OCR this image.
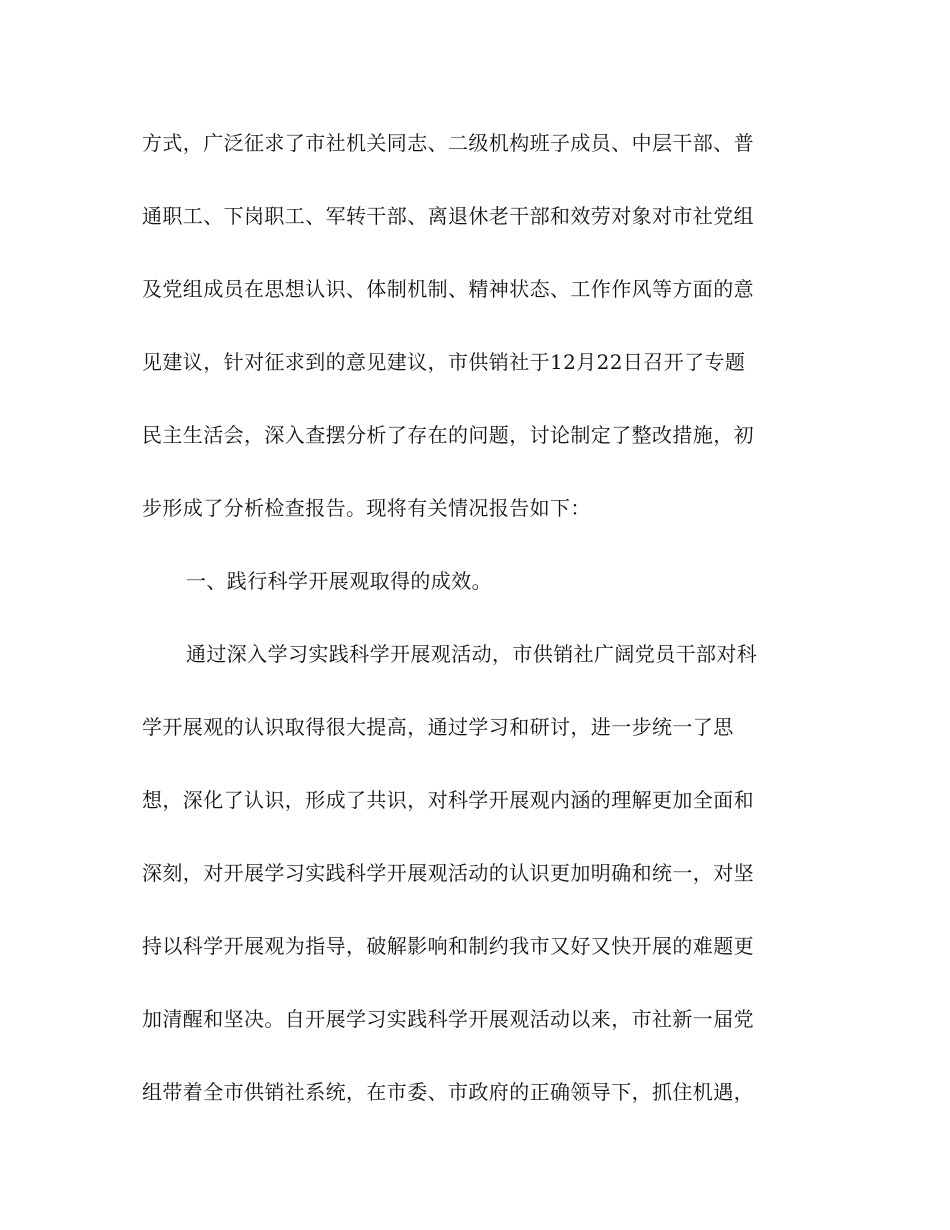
方式，广泛征求了市社机关同志、二级机构班子成员、中层干部、普
通职工、下岗职工、军转干部、离退休老干部和效劳对象对市社党组
及党组成员在思想认识、体制机制、精神状态、工作作风等方面的意
见建议，针对征求到的意见建议，市供销社于12月22日召开了专题
民主生活会，深入查摆分析了存在的问题，讨论制定了整改措施，初
步形成了分析检查报告。现将有关情况报告如下：
一、践行科学开展观取得的成效。
通过深入学习实践科学开展观活动，市供销社广阔党员干部对科
学开展观的认识取得很大提高，通过学习和研讨，进一步统一了思
想，深化了认识，形成了共识，对科学开展观内涵的理解更加全面和
深刻，对开展学习实践科学开展观活动的认识更加明确和统一，对坚
持以科学开展观为指导，破解影响和制约我市又好又快开展的难题更
加清醒和坚决。自开展学习实践科学开展观活动以来，市社新一届党
组带着全市供销社系统，在市委、市政府的正确领导下，抓住机遇，
